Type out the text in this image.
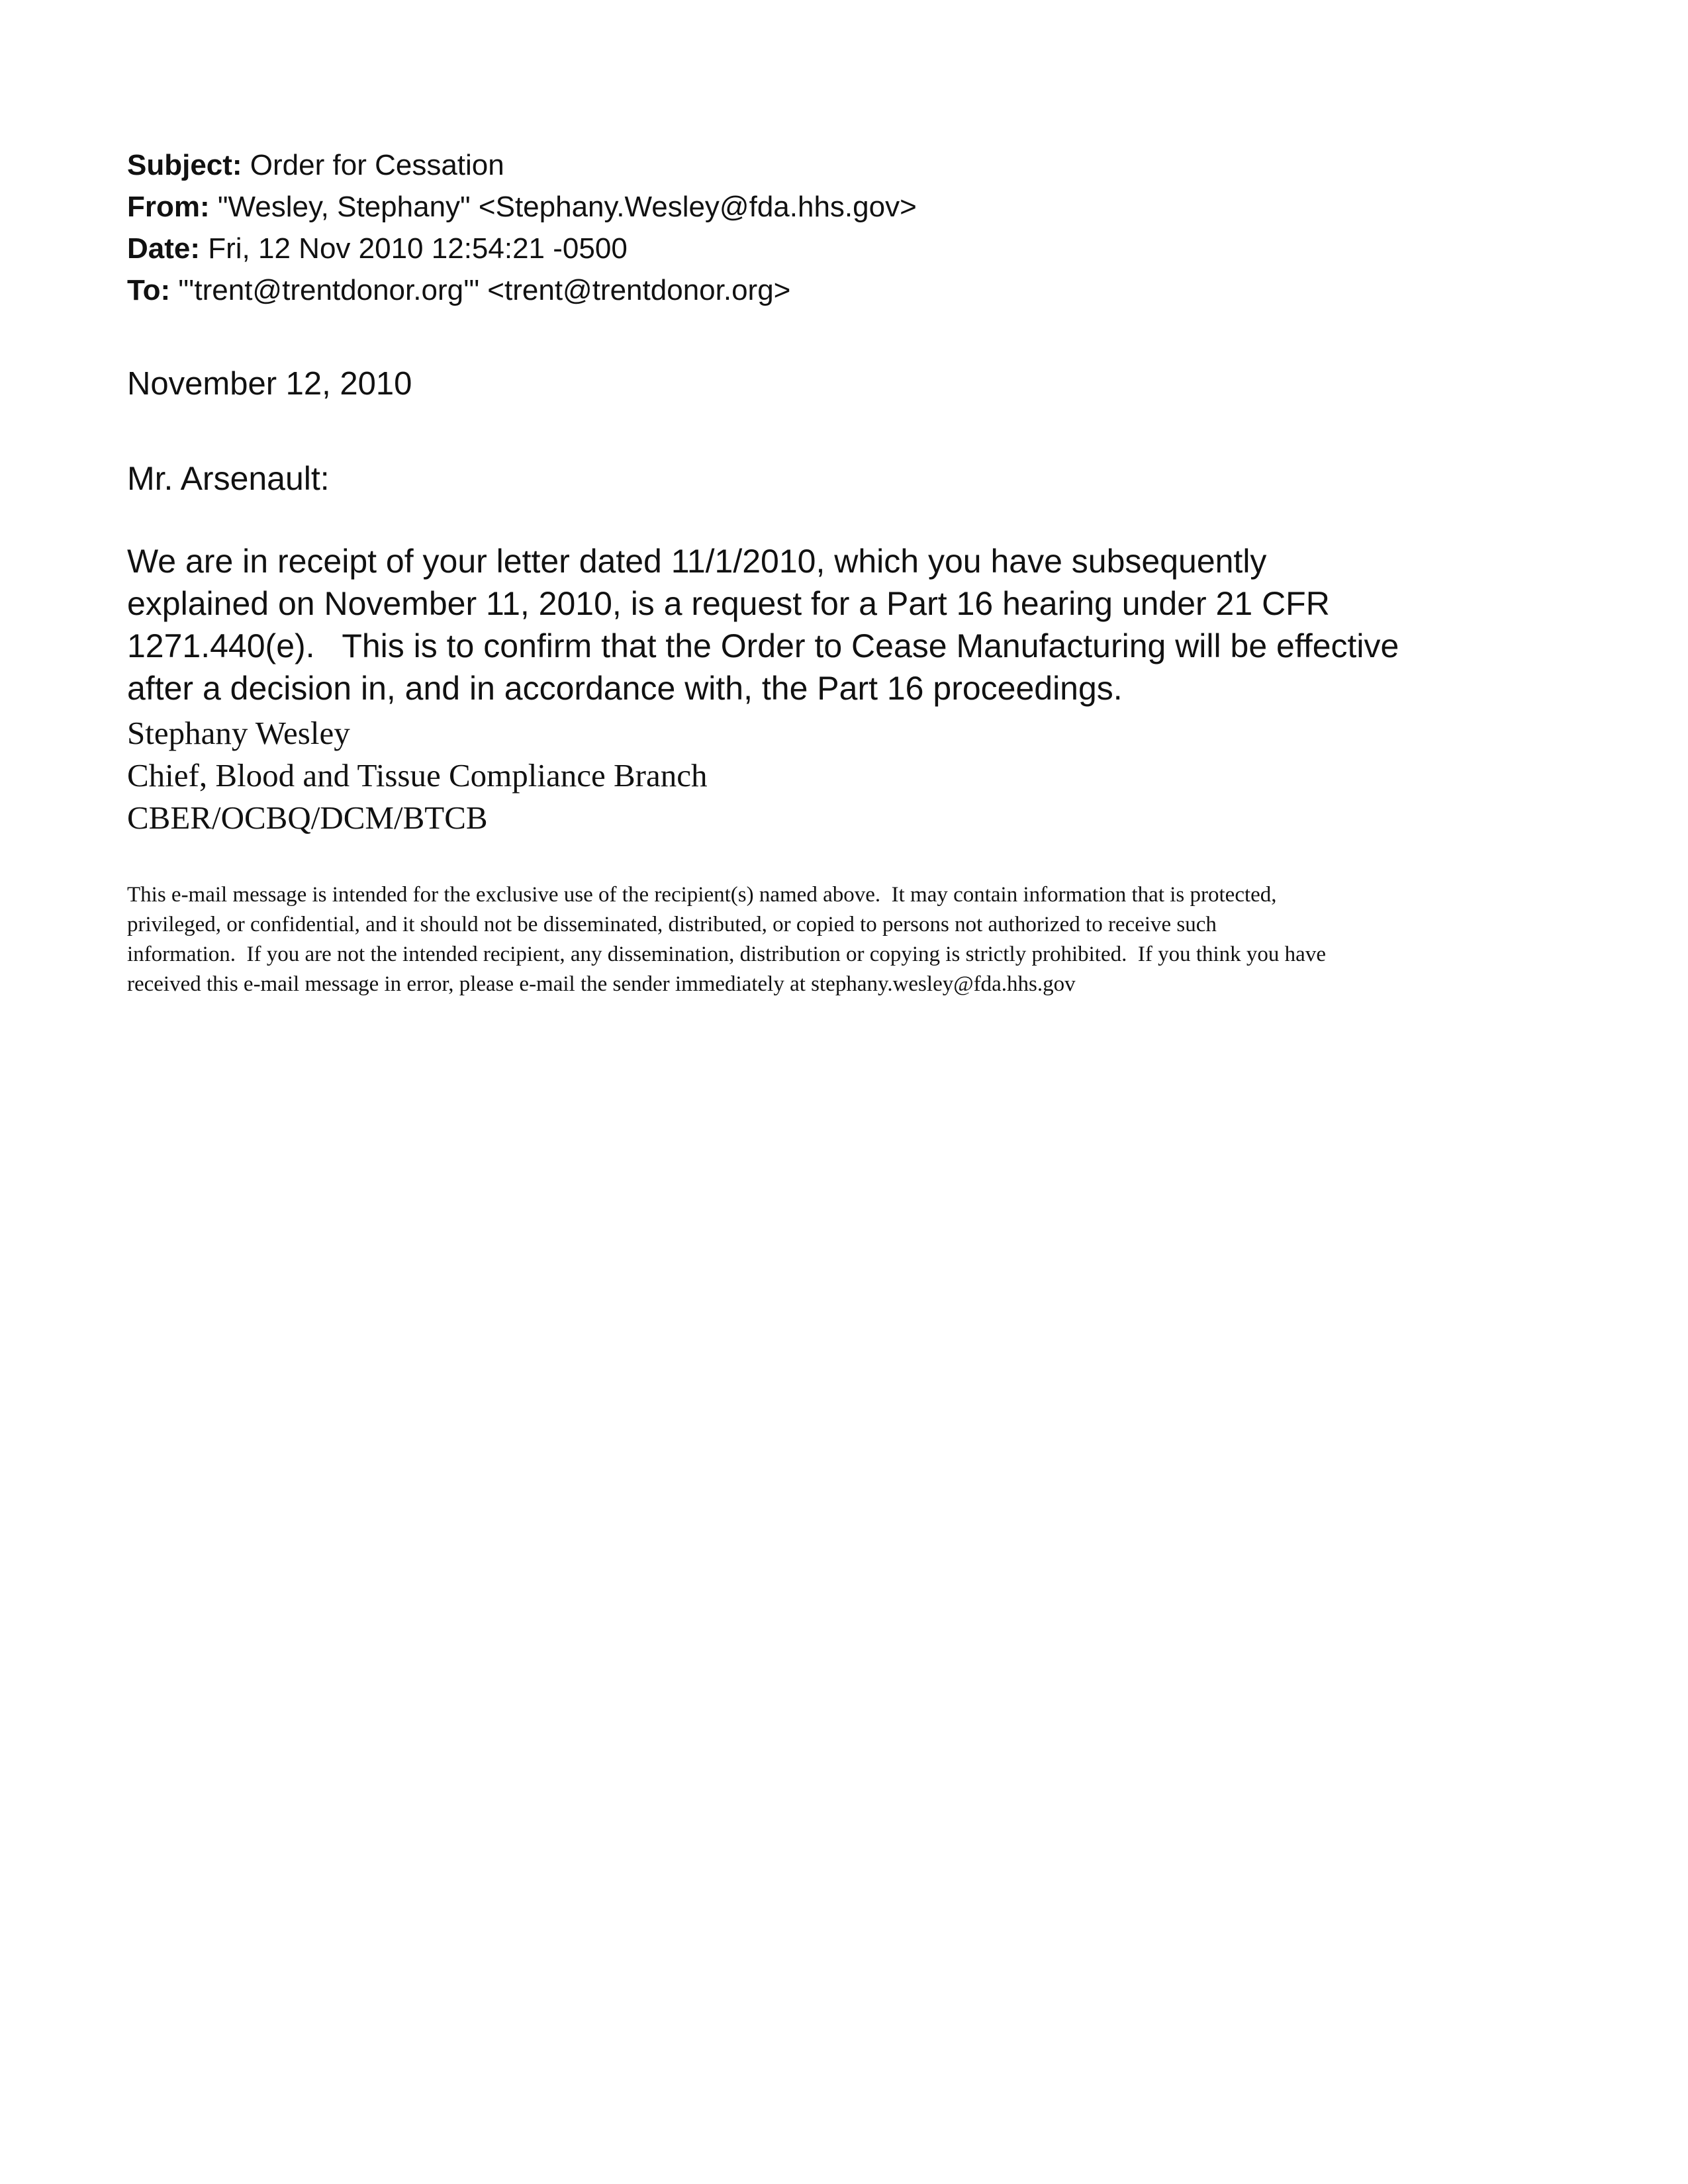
Subject: Order for Cessation
From: "Wesley, Stephany" <Stephany.Wesley@fda.hhs.gov>
Date: Fri, 12 Nov 2010 12:54:21 -0500
To: "'trent@trentdonor.org'" <trent@trentdonor.org>
November 12, 2010
Mr. Arsenault:
We are in receipt of your letter dated 11/1/2010, which you have subsequently
explained on November 11, 2010, is a request for a Part 16 hearing under 21 CFR
1271.440(e).   This is to confirm that the Order to Cease Manufacturing will be effective
after a decision in, and in accordance with, the Part 16 proceedings.
Stephany Wesley
Chief, Blood and Tissue Compliance Branch
CBER/OCBQ/DCM/BTCB
This e-mail message is intended for the exclusive use of the recipient(s) named above.  It may contain information that is protected,
privileged, or confidential, and it should not be disseminated, distributed, or copied to persons not authorized to receive such
information.  If you are not the intended recipient, any dissemination, distribution or copying is strictly prohibited.  If you think you have
received this e-mail message in error, please e-mail the sender immediately at stephany.wesley@fda.hhs.gov
